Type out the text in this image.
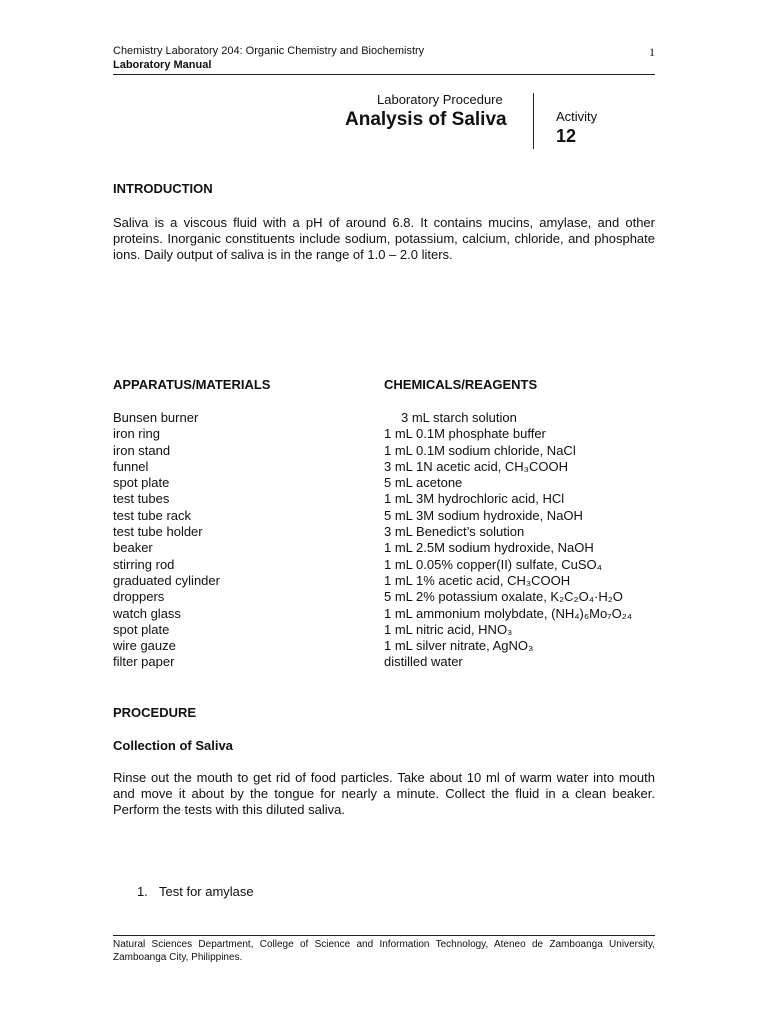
Chemistry Laboratory 204: Organic Chemistry and Biochemistry
Laboratory Manual
1
Laboratory Procedure
Analysis of Saliva	Activity
12
INTRODUCTION

Saliva is a viscous fluid with a pH of around 6.8. It contains mucins, amylase, and other proteins. Inorganic constituents include sodium, potassium, calcium, chloride, and phosphate ions. Daily output of saliva is in the range of 1.0 – 2.0 liters.

APPARATUS/MATERIALS	CHEMICALS/REAGENTS
Bunsen burner
iron ring
iron stand
funnel
spot plate
test tubes
test tube rack
test tube holder
beaker
stirring rod
graduated cylinder
droppers
watch glass
spot plate
wire gauze
filter paper
3 mL starch solution
1 mL 0.1M phosphate buffer
1 mL 0.1M sodium chloride, NaCl
3 mL 1N acetic acid, CH₃COOH
5 mL acetone
1 mL 3M hydrochloric acid, HCl
5 mL 3M sodium hydroxide, NaOH
3 mL Benedict’s solution
1 mL 2.5M sodium hydroxide, NaOH
1 mL 0.05% copper(II) sulfate, CuSO₄
1 mL 1% acetic acid, CH₃COOH
5 mL 2% potassium oxalate, K₂C₂O₄·H₂O
1 mL ammonium molybdate, (NH₄)₆Mo₇O₂₄
1 mL nitric acid, HNO₃
1 mL silver nitrate, AgNO₃
distilled water
PROCEDURE
Collection of Saliva

Rinse out the mouth to get rid of food particles. Take about 10 ml of warm water into mouth and move it about by the tongue for nearly a minute. Collect the fluid in a clean beaker. Perform the tests with this diluted saliva.

1. Test for amylase

Natural Sciences Department, College of Science and Information Technology, Ateneo de Zamboanga University, Zamboanga City, Philippines.
